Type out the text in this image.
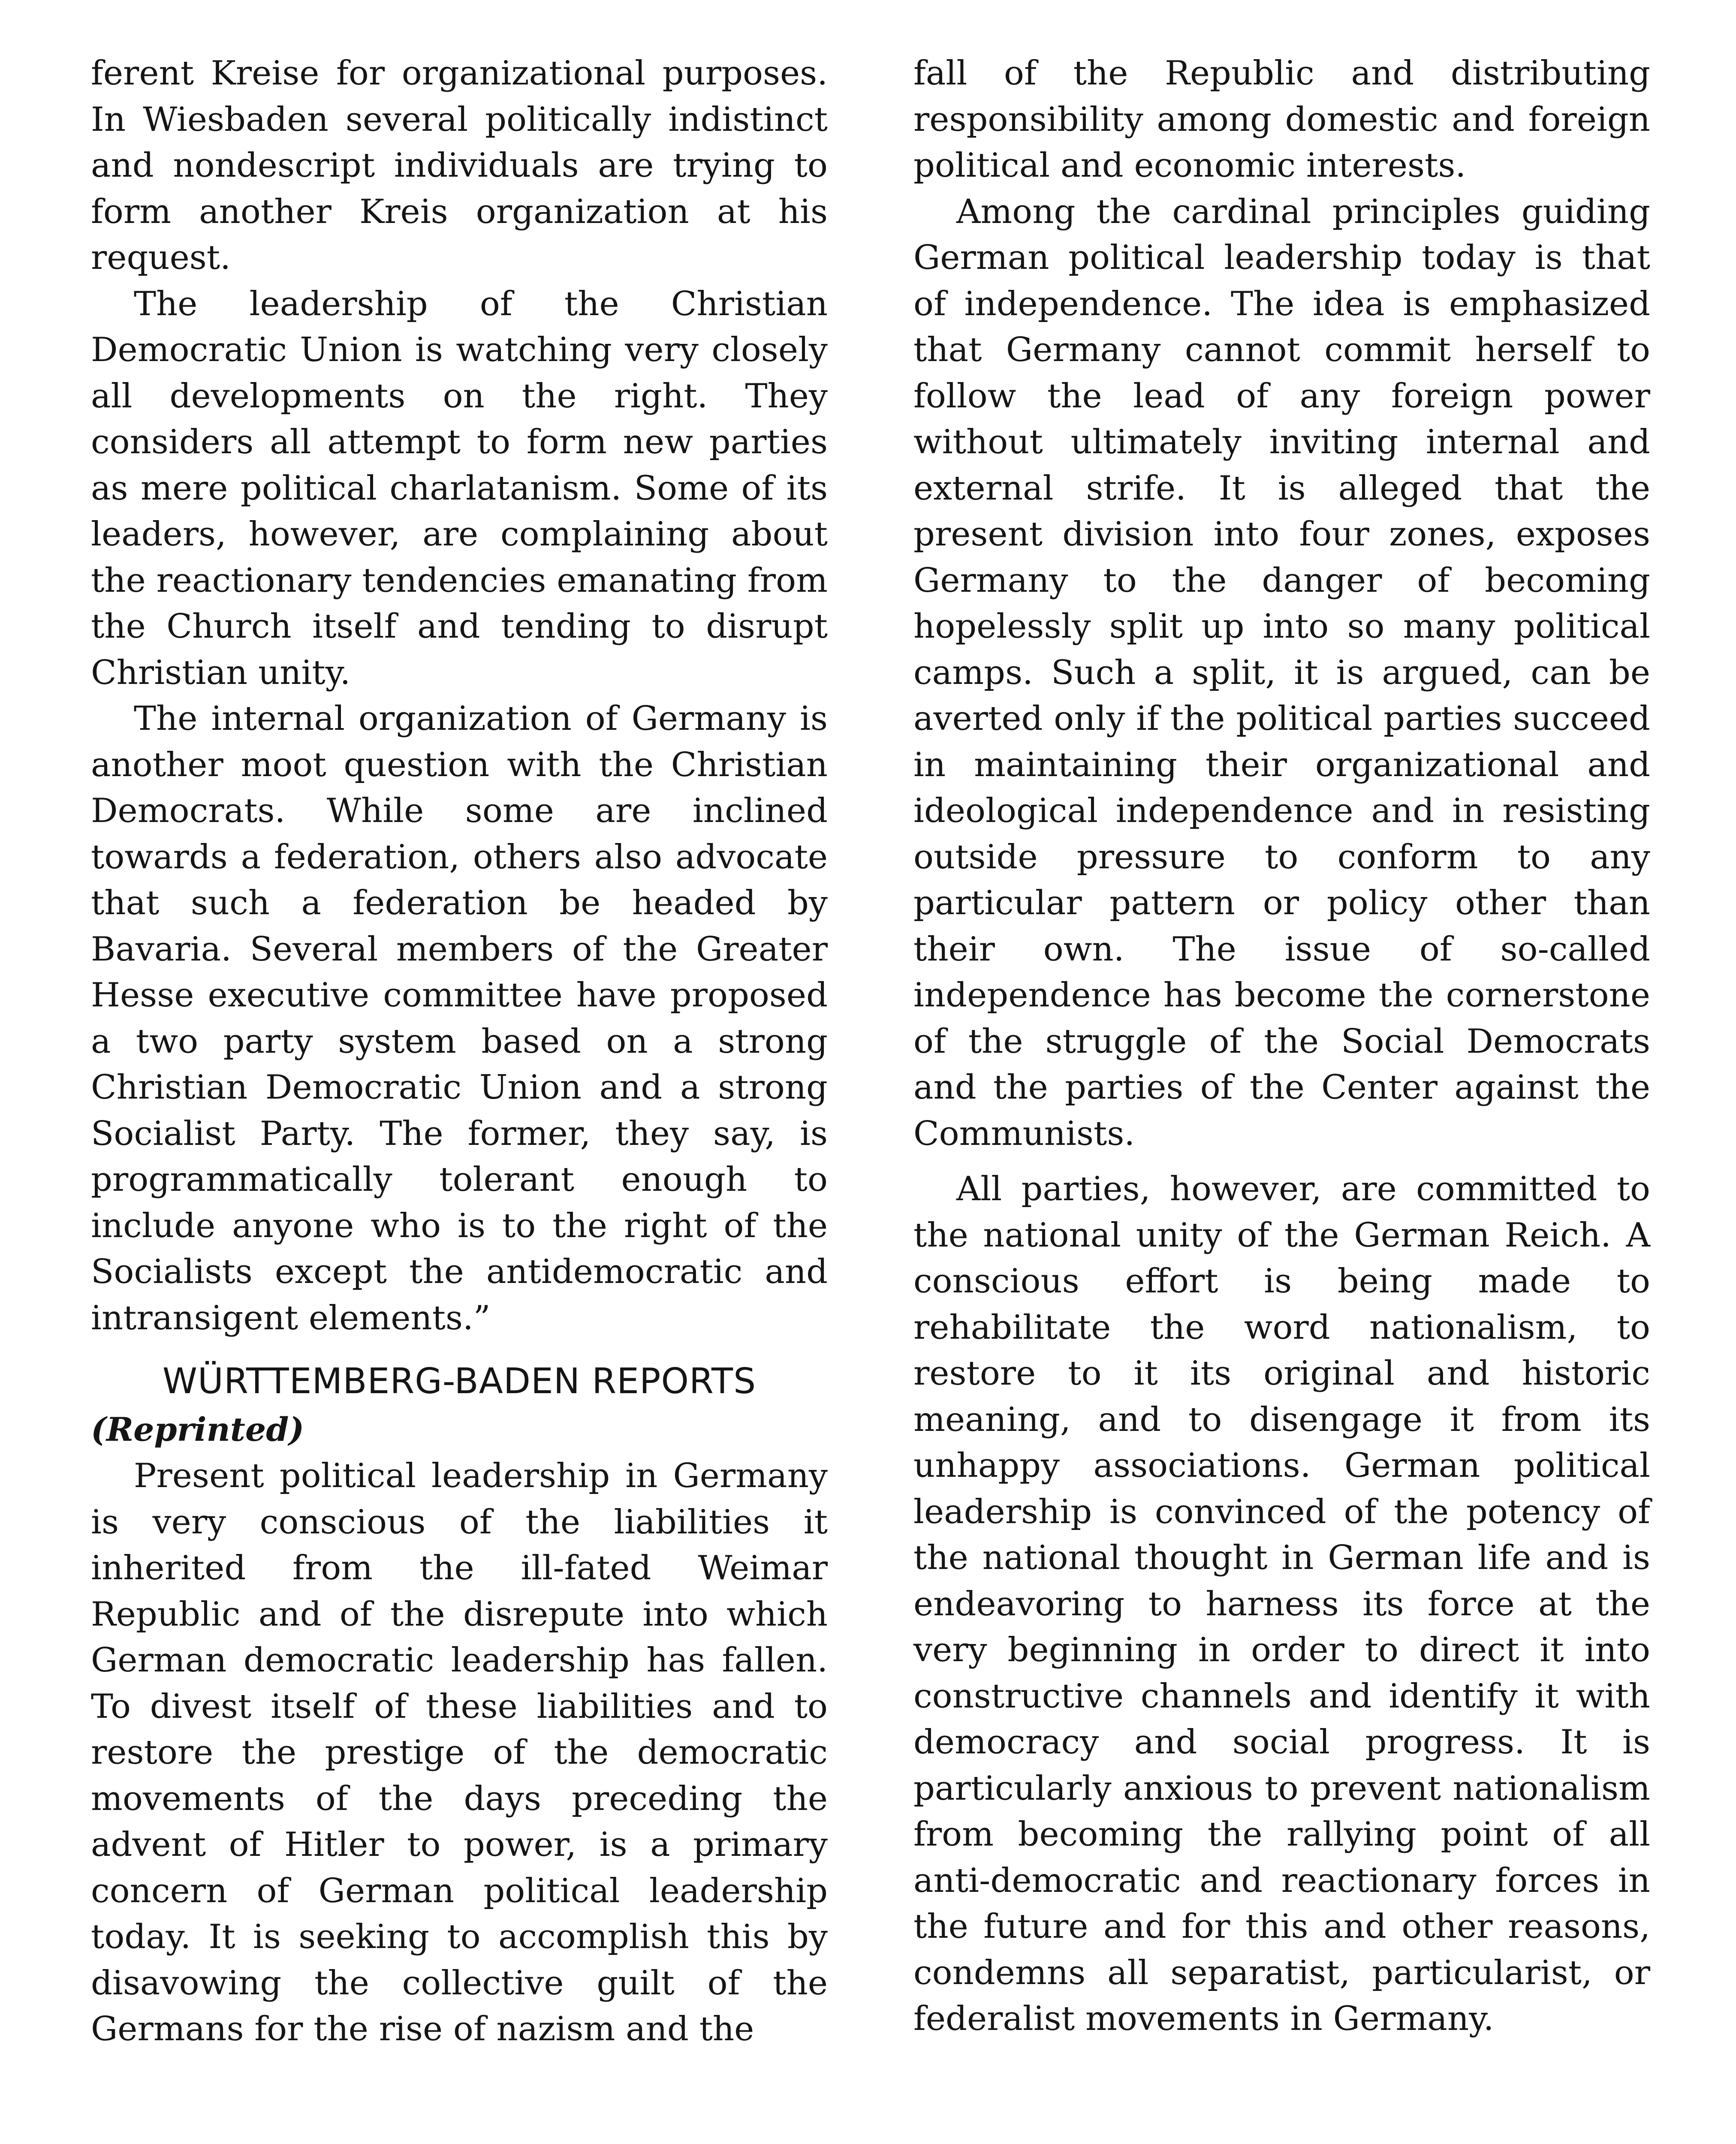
ferent Kreise for organizational purposes. In Wiesbaden several politically indistinct and nondescript individuals are trying to form another Kreis organization at his request.

The leadership of the Christian Democratic Union is watching very closely all developments on the right. They considers all attempt to form new parties as mere political charlatanism. Some of its leaders, however, are complaining about the reactionary tendencies emanating from the Church itself and tending to disrupt Christian unity.

The internal organization of Germany is another moot question with the Christian Democrats. While some are inclined towards a federation, others also advocate that such a federation be headed by Bavaria. Several members of the Greater Hesse executive committee have proposed a two party system based on a strong Christian Democratic Union and a strong Socialist Party. The former, they say, is programmatically tolerant enough to include anyone who is to the right of the Socialists except the antidemocratic and intransigent elements.”

WÜRTTEMBERG-BADEN REPORTS
(Reprinted)

Present political leadership in Germany is very conscious of the liabilities it inherited from the ill-fated Weimar Republic and of the disrepute into which German democratic leadership has fallen. To divest itself of these liabilities and to restore the prestige of the democratic movements of the days preceding the advent of Hitler to power, is a primary concern of German political leadership today. It is seeking to accomplish this by disavowing the collective guilt of the Germans for the rise of nazism and the

fall of the Republic and distributing responsibility among domestic and foreign political and economic interests.

Among the cardinal principles guiding German political leadership today is that of independence. The idea is emphasized that Germany cannot commit herself to follow the lead of any foreign power without ultimately inviting internal and external strife. It is alleged that the present division into four zones, exposes Germany to the danger of becoming hopelessly split up into so many political camps. Such a split, it is argued, can be averted only if the political parties succeed in maintaining their organizational and ideological independence and in resisting outside pressure to conform to any particular pattern or policy other than their own. The issue of so-called independence has become the cornerstone of the struggle of the Social Democrats and the parties of the Center against the Communists.

All parties, however, are committed to the national unity of the German Reich. A conscious effort is being made to rehabilitate the word nationalism, to restore to it its original and historic meaning, and to disengage it from its unhappy associations. German political leadership is convinced of the potency of the national thought in German life and is endeavoring to harness its force at the very beginning in order to direct it into constructive channels and identify it with democracy and social progress. It is particularly anxious to prevent nationalism from becoming the rallying point of all anti-democratic and reactionary forces in the future and for this and other reasons, condemns all separatist, particularist, or federalist movements in Germany.
